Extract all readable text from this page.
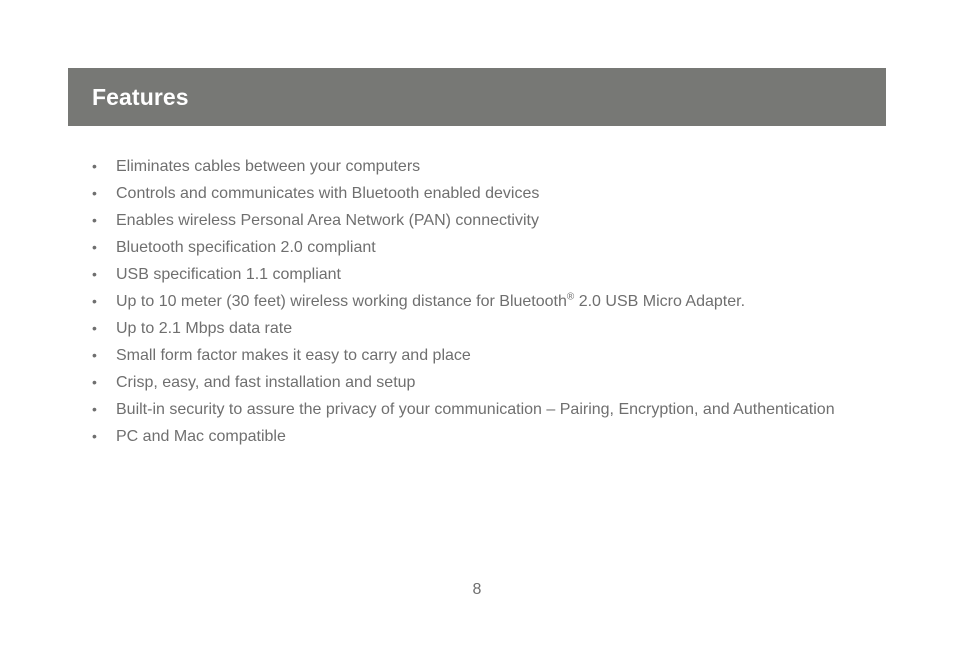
Features
• Eliminates cables between your computers
• Controls and communicates with Bluetooth enabled devices
• Enables wireless Personal Area Network (PAN) connectivity
• Bluetooth specification 2.0 compliant
• USB specification 1.1 compliant
• Up to 10 meter (30 feet) wireless working distance for Bluetooth® 2.0 USB Micro Adapter.
• Up to 2.1 Mbps data rate
• Small form factor makes it easy to carry and place
• Crisp, easy, and fast installation and setup
• Built-in security to assure the privacy of your communication – Pairing, Encryption, and Authentication
• PC and Mac compatible
8
